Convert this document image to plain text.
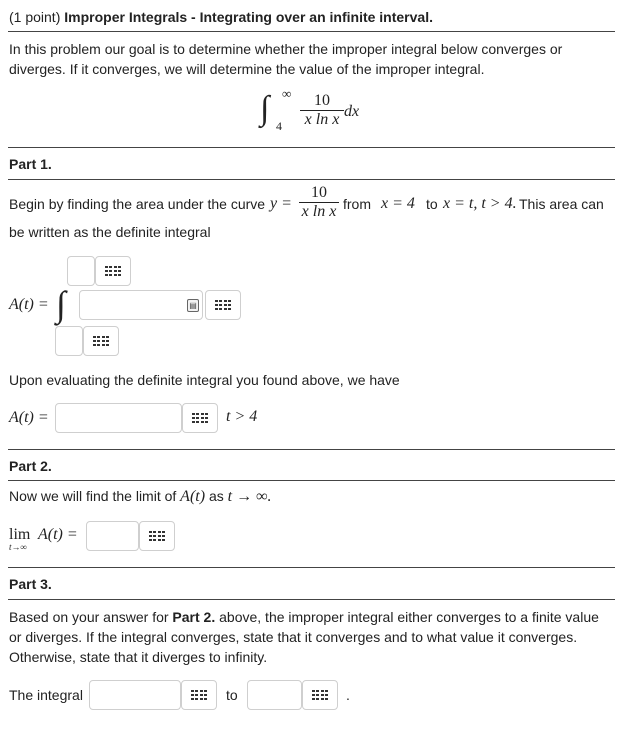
(1 point) Improper Integrals - Integrating over an infinite interval.
In this problem our goal is to determine whether the improper integral below converges or diverges. If it converges, we will determine the value of the improper integral.
∫ ∞
$4 \frac{10}{\text{x ln x}}$ dx
Part 1.
Begin by finding the area under the curve $y = \frac{10}{\text{x ln x}}$ from x = 4 to x = t, t > 4. This area can
be written as the definite integral
A(t) = ∫	▤
Upon evaluating the definite integral you found above, we have
A(t) =	t > 4
Part 2.
Now we will find the limit of A(t) as t → ∞.
lim
t→∞
A(t) =
Part 3.
Based on your answer for Part 2. above, the improper integral either converges to a finite value or diverges. If the integral converges, state that it converges and to what value it converges. Otherwise, state that it diverges to infinity.
The integral	to	.
